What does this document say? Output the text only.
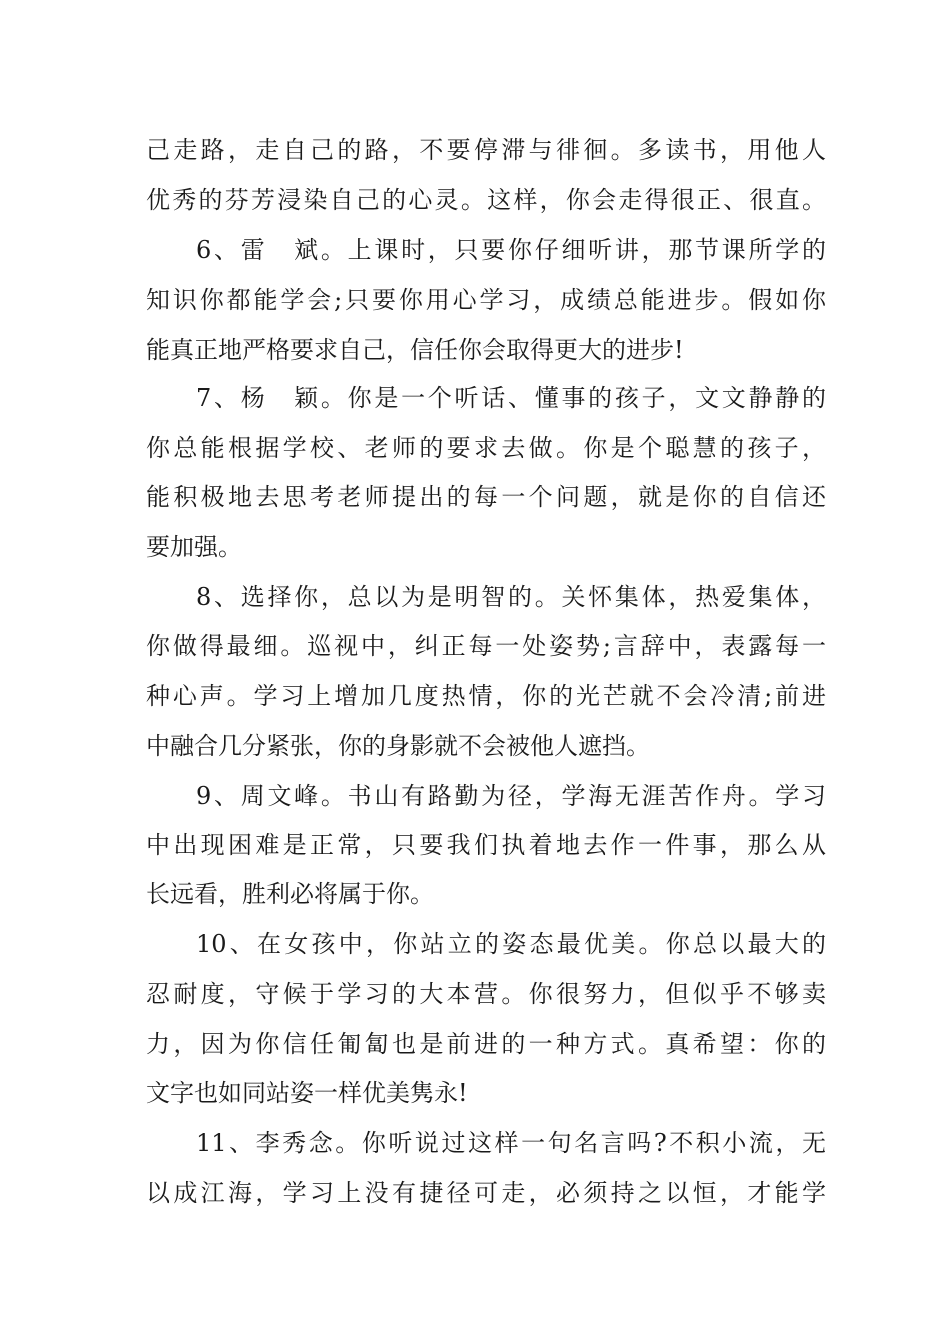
己走路，走自己的路，不要停滞与徘徊。多读书，用他人
优秀的芬芳浸染自己的心灵。这样，你会走得很正、很直。
6、雷　斌。上课时，只要你仔细听讲，那节课所学的
知识你都能学会;只要你用心学习，成绩总能进步。假如你
能真正地严格要求自己，信任你会取得更大的进步!
7、杨　颖。你是一个听话、懂事的孩子，文文静静的
你总能根据学校、老师的要求去做。你是个聪慧的孩子，
能积极地去思考老师提出的每一个问题，就是你的自信还
要加强。
8、选择你，总以为是明智的。关怀集体，热爱集体，
你做得最细。巡视中，纠正每一处姿势;言辞中，表露每一
种心声。学习上增加几度热情，你的光芒就不会冷清;前进
中融合几分紧张，你的身影就不会被他人遮挡。
9、周文峰。书山有路勤为径，学海无涯苦作舟。学习
中出现困难是正常，只要我们执着地去作一件事，那么从
长远看，胜利必将属于你。
10、在女孩中，你站立的姿态最优美。你总以最大的
忍耐度，守候于学习的大本营。你很努力，但似乎不够卖
力，因为你信任匍匐也是前进的一种方式。真希望：你的
文字也如同站姿一样优美隽永!
11、李秀念。你听说过这样一句名言吗?不积小流，无
以成江海，学习上没有捷径可走，必须持之以恒，才能学
